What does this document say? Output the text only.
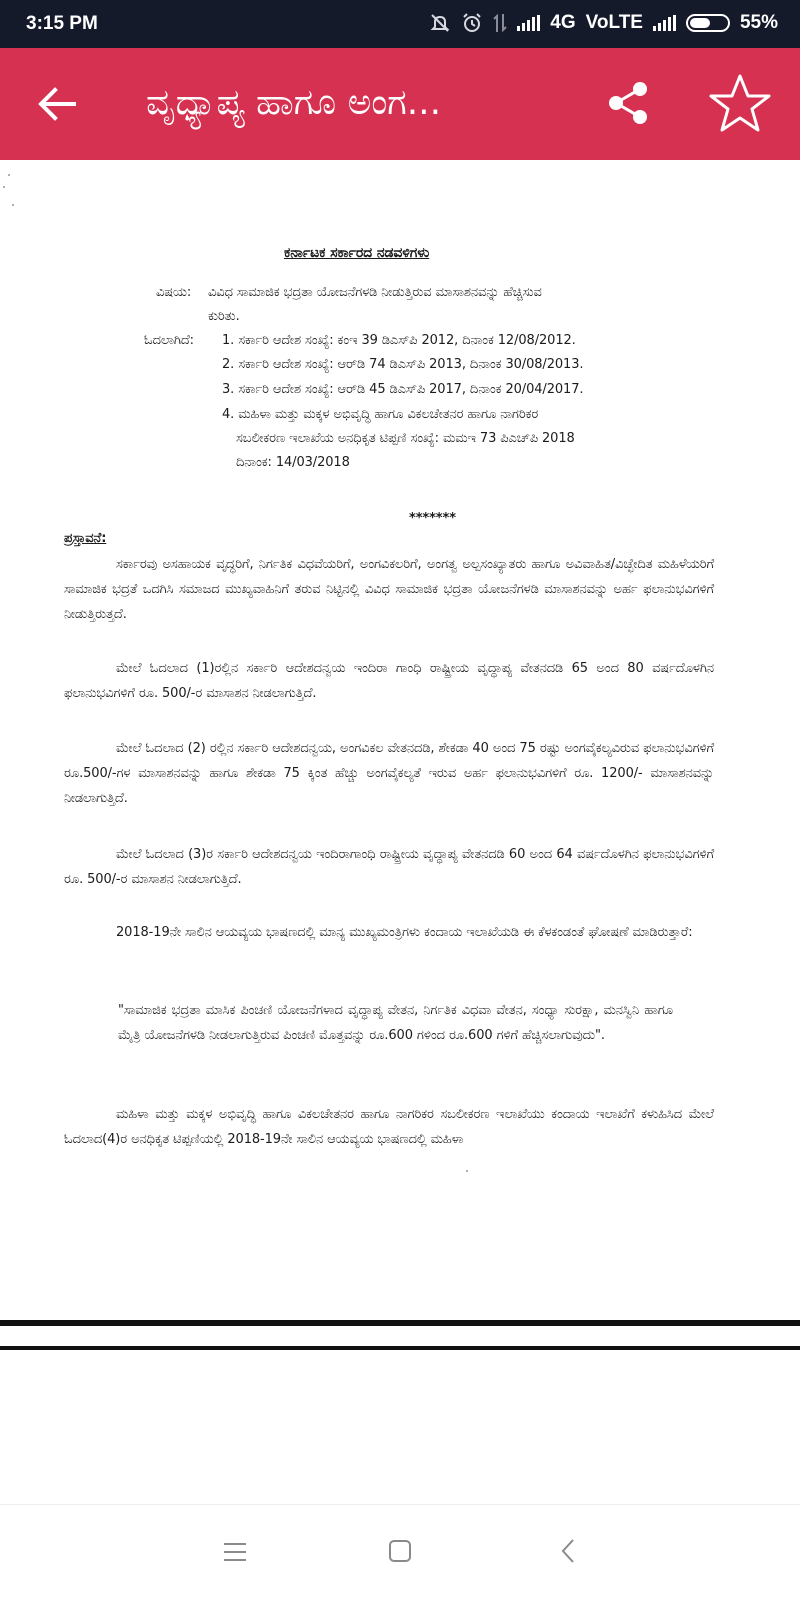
3:15 PM	4G VoLTE	55%
ವೃಧ್ಯಾಪ್ಯ ಹಾಗೂ ಅಂಗ...
ಕರ್ನಾಟಕ ಸರ್ಕಾರದ ನಡವಳಿಗಳು
ವಿಷಯ: ವಿವಿಧ ಸಾಮಾಜಿಕ ಭದ್ರತಾ ಯೋಜನೆಗಳಡಿ ನೀಡುತ್ತಿರುವ ಮಾಸಾಶನವನ್ನು ಹೆಚ್ಚಿಸುವ
ಕುರಿತು.
ಓದಲಾಗಿದೆ: 1. ಸರ್ಕಾರಿ ಆದೇಶ ಸಂಖ್ಯೆ: ಕಂಇ 39 ಡಿಎಸ್‌ಪಿ 2012, ದಿನಾಂಕ 12/08/2012.
2. ಸರ್ಕಾರಿ ಆದೇಶ ಸಂಖ್ಯೆ: ಆರ್‌ಡಿ 74 ಡಿಎಸ್‌ಪಿ 2013, ದಿನಾಂಕ 30/08/2013.
3. ಸರ್ಕಾರಿ ಆದೇಶ ಸಂಖ್ಯೆ: ಆರ್‌ಡಿ 45 ಡಿಎಸ್‌ಪಿ 2017, ದಿನಾಂಕ 20/04/2017.
4. ಮಹಿಳಾ ಮತ್ತು ಮಕ್ಕಳ ಅಭಿವೃದ್ಧಿ ಹಾಗೂ ವಿಕಲಚೇತನರ ಹಾಗೂ ನಾಗರಿಕರ
ಸಬಲೀಕರಣ ಇಲಾಖೆಯ ಅನಧಿಕೃತ ಟಿಪ್ಪಣಿ ಸಂಖ್ಯೆ: ಮಮಇ 73 ಪಿಎಚ್‌ಪಿ 2018
ದಿನಾಂಕ: 14/03/2018
*******
ಪ್ರಸ್ತಾವನೆ:
ಸರ್ಕಾರವು ಅಸಹಾಯಕ ವೃದ್ಧರಿಗೆ, ನಿರ್ಗತಿಕ ವಿಧವೆಯರಿಗೆ, ಅಂಗವಿಕಲರಿಗೆ, ಅಂಗತ್ವ ಅಲ್ಪಸಂಖ್ಯಾತರು ಹಾಗೂ ಅವಿವಾಹಿತ/ವಿಚ್ಛೇದಿತ ಮಹಿಳೆಯರಿಗೆ ಸಾಮಾಜಿಕ ಭದ್ರತೆ ಒದಗಿಸಿ ಸಮಾಜದ ಮುಖ್ಯವಾಹಿನಿಗೆ ತರುವ ನಿಟ್ಟಿನಲ್ಲಿ ವಿವಿಧ ಸಾಮಾಜಿಕ ಭದ್ರತಾ ಯೋಜನೆಗಳಡಿ ಮಾಸಾಶನವನ್ನು ಅರ್ಹ ಫಲಾನುಭವಿಗಳಿಗೆ ನೀಡುತ್ತಿರುತ್ತದೆ.
ಮೇಲೆ ಓದಲಾದ (1)ರಲ್ಲಿನ ಸರ್ಕಾರಿ ಆದೇಶದನ್ವಯ ಇಂದಿರಾ ಗಾಂಧಿ ರಾಷ್ಟ್ರೀಯ ವೃದ್ಧಾಪ್ಯ ವೇತನದಡಿ 65 ಅಂದ 80 ವರ್ಷದೊಳಗಿನ ಫಲಾನುಭವಿಗಳಿಗೆ ರೂ. 500/-ರ ಮಾಸಾಶನ ನೀಡಲಾಗುತ್ತಿದೆ.
ಮೇಲೆ ಓದಲಾದ (2) ರಲ್ಲಿನ ಸರ್ಕಾರಿ ಆದೇಶದನ್ವಯ, ಅಂಗವಿಕಲ ವೇತನದಡಿ, ಶೇಕಡಾ 40 ಅಂದ 75 ರಷ್ಟು ಅಂಗವೈಕಲ್ಯವಿರುವ ಫಲಾನುಭವಿಗಳಿಗೆ ರೂ.500/-ಗಳ ಮಾಸಾಶನವನ್ನು ಹಾಗೂ ಶೇಕಡಾ 75 ಕ್ಕಿಂತ ಹೆಚ್ಚು ಅಂಗವೈಕಲ್ಯತೆ ಇರುವ ಅರ್ಹ ಫಲಾನುಭವಿಗಳಿಗೆ ರೂ. 1200/- ಮಾಸಾಶನವನ್ನು ನೀಡಲಾಗುತ್ತಿದೆ.
ಮೇಲೆ ಓದಲಾದ (3)ರ ಸರ್ಕಾರಿ ಆದೇಶದನ್ವಯ ಇಂದಿರಾಗಾಂಧಿ ರಾಷ್ಟ್ರೀಯ ವೃದ್ಧಾಪ್ಯ ವೇತನದಡಿ 60 ಅಂದ 64 ವರ್ಷದೊಳಗಿನ ಫಲಾನುಭವಿಗಳಿಗೆ ರೂ. 500/-ರ ಮಾಸಾಶನ ನೀಡಲಾಗುತ್ತಿದೆ.
2018-19ನೇ ಸಾಲಿನ ಆಯವ್ಯಯ ಭಾಷಣದಲ್ಲಿ ಮಾನ್ಯ ಮುಖ್ಯಮಂತ್ರಿಗಳು ಕಂದಾಯ ಇಲಾಖೆಯಡಿ ಈ ಕೆಳಕಂಡಂತೆ ಘೋಷಣೆ ಮಾಡಿರುತ್ತಾರೆ:
"ಸಾಮಾಜಿಕ ಭದ್ರತಾ ಮಾಸಿಕ ಪಿಂಚಣಿ ಯೋಜನೆಗಳಾದ ವೃದ್ಧಾಪ್ಯ ವೇತನ, ನಿರ್ಗತಿಕ ವಿಧವಾ ವೇತನ, ಸಂಧ್ಯಾ ಸುರಕ್ಷಾ, ಮನಸ್ವಿನಿ ಹಾಗೂ ಮೈತ್ರಿ ಯೋಜನೆಗಳಡಿ ನೀಡಲಾಗುತ್ತಿರುವ ಪಿಂಚಣಿ ಮೊತ್ತವನ್ನು ರೂ.600 ಗಳಿಂದ ರೂ.600 ಗಳಿಗೆ ಹೆಚ್ಚಿಸಲಾಗುವುದು".
ಮಹಿಳಾ ಮತ್ತು ಮಕ್ಕಳ ಅಭಿವೃದ್ಧಿ ಹಾಗೂ ವಿಕಲಚೇತನರ ಹಾಗೂ ನಾಗರಿಕರ ಸಬಲೀಕರಣ ಇಲಾಖೆಯು ಕಂದಾಯ ಇಲಾಖೆಗೆ ಕಳುಹಿಸಿದ ಮೇಲೆ ಓದಲಾದ(4)ರ ಅನಧಿಕೃತ ಟಿಪ್ಪಣಿಯಲ್ಲಿ 2018-19ನೇ ಸಾಲಿನ ಆಯವ್ಯಯ ಭಾಷಣದಲ್ಲಿ ಮಹಿಳಾ
